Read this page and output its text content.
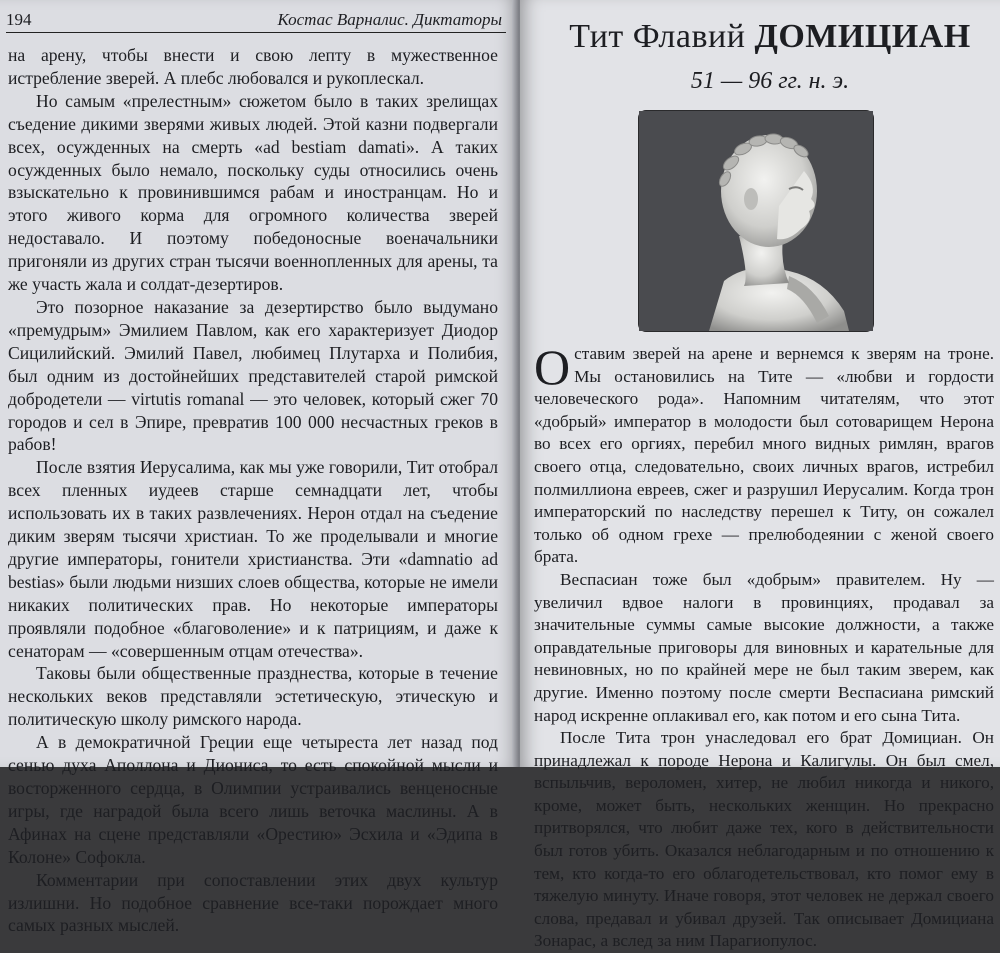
194	Костас Варналис. Диктаторы

на арену, чтобы внести и свою лепту в мужественное истребление зверей. А плебс любовался и рукоплескал.

Но самым «прелестным» сюжетом было в таких зрелищах съедение дикими зверями живых людей. Этой казни подвергали всех, осужденных на смерть «ad bestiam damati». А таких осужденных было немало, поскольку суды относились очень взыскательно к провинившимся рабам и иностранцам. Но и этого живого корма для огромного количества зверей недоставало. И поэтому победоносные военачальники пригоняли из других стран тысячи военнопленных для арены, та же участь жала и солдат-дезертиров.

Это позорное наказание за дезертирство было выдумано «премудрым» Эмилием Павлом, как его характеризует Диодор Сицилийский. Эмилий Павел, любимец Плутарха и Полибия, был одним из достойнейших представителей старой римской добродетели — virtutis romanal — это человек, который сжег 70 городов и сел в Эпире, превратив 100 000 несчастных греков в рабов!

После взятия Иерусалима, как мы уже говорили, Тит отобрал всех пленных иудеев старше семнадцати лет, чтобы использовать их в таких развлечениях. Нерон отдал на съедение диким зверям тысячи христиан. То же проделывали и многие другие императоры, гонители христианства. Эти «damnatio ad bestias» были людьми низших слоев общества, которые не имели никаких политических прав. Но некоторые императоры проявляли подобное «благоволение» и к патрициям, и даже к сенаторам — «совершенным отцам отечества».

Таковы были общественные празднества, которые в течение нескольких веков представляли эстетическую, этическую и политическую школу римского народа.

А в демократичной Греции еще четыреста лет назад под сенью духа Аполлона и Диониса, то есть спокойной мысли и восторженного сердца, в Олимпии устраивались венценосные игры, где наградой была всего лишь веточка маслины. А в Афинах на сцене представляли «Орестию» Эсхила и «Эдипа в Колоне» Софокла.

Комментарии при сопоставлении этих двух культур излишни. Но подобное сравнение все-таки порождает много самых разных мыслей.

Тит Флавий ДОМИЦИАН
51 — 96 гг. н. э.

Оставим зверей на арене и вернемся к зверям на троне. Мы остановились на Тите — «любви и гордости человеческого рода». Напомним читателям, что этот «добрый» император в молодости был сотоварищем Нерона во всех его оргиях, перебил много видных римлян, врагов своего отца, следовательно, своих личных врагов, истребил полмиллиона евреев, сжег и разрушил Иерусалим. Когда трон императорский по наследству перешел к Титу, он сожалел только об одном грехе — прелюбодеянии с женой своего брата.

Веспасиан тоже был «добрым» правителем. Ну — увеличил вдвое налоги в провинциях, продавал за значительные суммы самые высокие должности, а также оправдательные приговоры для виновных и карательные для невиновных, но по крайней мере не был таким зверем, как другие. Именно поэтому после смерти Веспасиана римский народ искренне оплакивал его, как потом и его сына Тита.

После Тита трон унаследовал его брат Домициан. Он принадлежал к породе Нерона и Калигулы. Он был смел, вспыльчив, вероломен, хитер, не любил никогда и никого, кроме, может быть, нескольких женщин. Но прекрасно притворялся, что любит даже тех, кого в действительности был готов убить. Оказался неблагодарным и по отношению к тем, кто когда-то его облагодетельствовал, кто помог ему в тяжелую минуту. Иначе говоря, этот человек не держал своего слова, предавал и убивал друзей. Так описывает Домициана Зонарас, а вслед за ним Парагиопулос.
